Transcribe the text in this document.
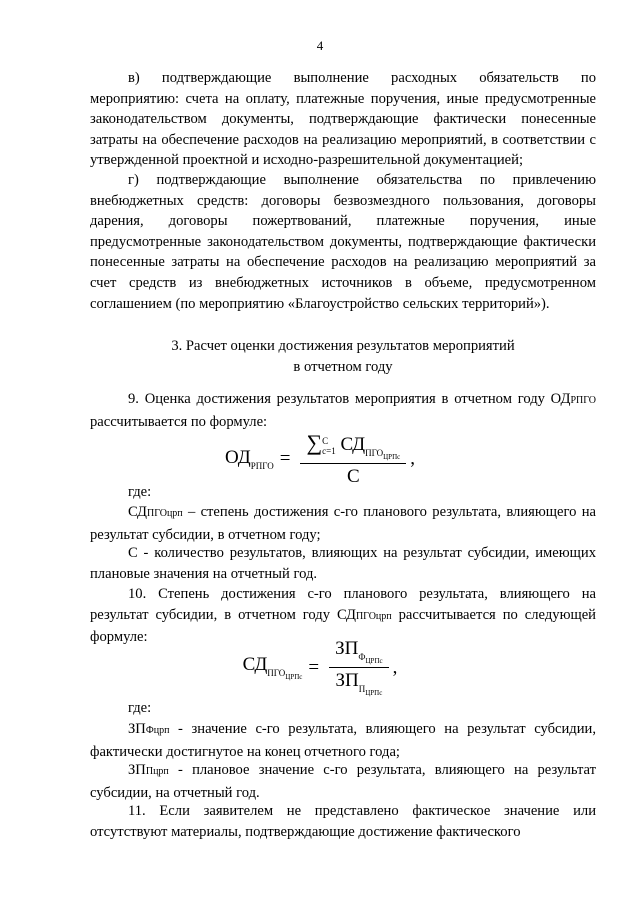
4

в) подтверждающие выполнение расходных обязательств по мероприятию: счета на оплату, платежные поручения, иные предусмотренные законодательством документы, подтверждающие фактически понесенные затраты на обеспечение расходов на реализацию мероприятий, в соответствии с утвержденной проектной и исходно-разрешительной документацией;

г) подтверждающие выполнение обязательства по привлечению внебюджетных средств: договоры безвозмездного пользования, договоры дарения, договоры пожертвований, платежные поручения, иные предусмотренные законодательством документы, подтверждающие фактически понесенные затраты на обеспечение расходов на реализацию мероприятий за счет средств из внебюджетных источников в объеме, предусмотренном соглашением (по мероприятию «Благоустройство сельских территорий»).

3. Расчет оценки достижения результатов мероприятий
в отчетном году

9. Оценка достижения результатов мероприятия в отчетном году ОДРПГО рассчитывается по формуле:

$ОД_{РПГО}$ = ∑ C
c=1 $СД_{ПГО_{ЦРПс}}$
С ,

где:

СДПГОцрп – степень достижения c-го планового результата, влияющего на результат субсидии, в отчетном году;

С - количество результатов, влияющих на результат субсидии, имеющих плановые значения на отчетный год.

10. Степень достижения c-го планового результата, влияющего на результат субсидии, в отчетном году СДПГОцрп рассчитывается по следующей формуле:

$СД_{ПГО_{ЦРПс}} = \frac{ЗП_{Ф_{ЦРПс}}}{ЗП_{П_{ЦРПс}}}$ ,

где:

ЗПФцрп - значение c-го результата, влияющего на результат субсидии, фактически достигнутое на конец отчетного года;

ЗППцрп - плановое значение c-го результата, влияющего на результат субсидии, на отчетный год.

11. Если заявителем не представлено фактическое значение или отсутствуют материалы, подтверждающие достижение фактического
